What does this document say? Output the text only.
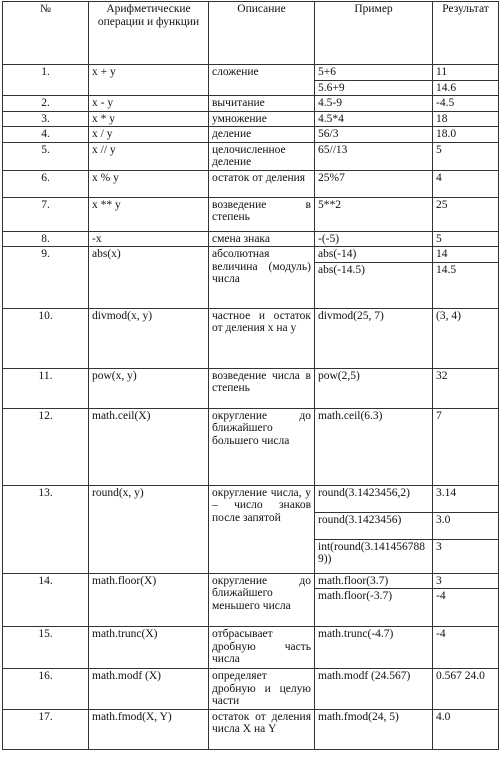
№	Арифметические операции и функции	Описание	Пример	Результат
1.	x + y	сложение	5+6	11
			5.6+9	14.6
2.	x - y	вычитание	4.5-9	-4.5
3.	x * y	умножение	4.5*4	18
4.	x / y	деление	56/3	18.0
5.	x // y	целочисленное деление	65//13	5
6.	x % y	остаток от деления	25%7	4
7.	x ** y	возведение в степень	5**2	25
8.	-x	смена знака	-(-5)	5
9.	abs(x)	абсолютная величина (модуль) числа	abs(-14)	14
			abs(-14.5)	14.5
10.	divmod(x, y)	частное и остаток от деления x на y	divmod(25, 7)	(3, 4)
11.	pow(x, y)	возведение числа в степень	pow(2,5)	32
12.	math.ceil(X)	округление до ближайшего большего числа	math.ceil(6.3)	7
13.	round(x, y)	округление числа, y – число знаков после запятой	round(3.1423456,2)	3.14
			round(3.1423456)	3.0
			int(round(3.1414567889))	3
14.	math.floor(X)	округление до ближайшего меньшего числа	math.floor(3.7)	3
			math.floor(-3.7)	-4
15.	math.trunc(X)	отбрасывает дробную часть числа	math.trunc(-4.7)	-4
16.	math.modf (X)	определяет дробную и целую части	math.modf (24.567)	0.567 24.0
17.	math.fmod(X, Y)	остаток от деления числа X на Y	math.fmod(24, 5)	4.0
